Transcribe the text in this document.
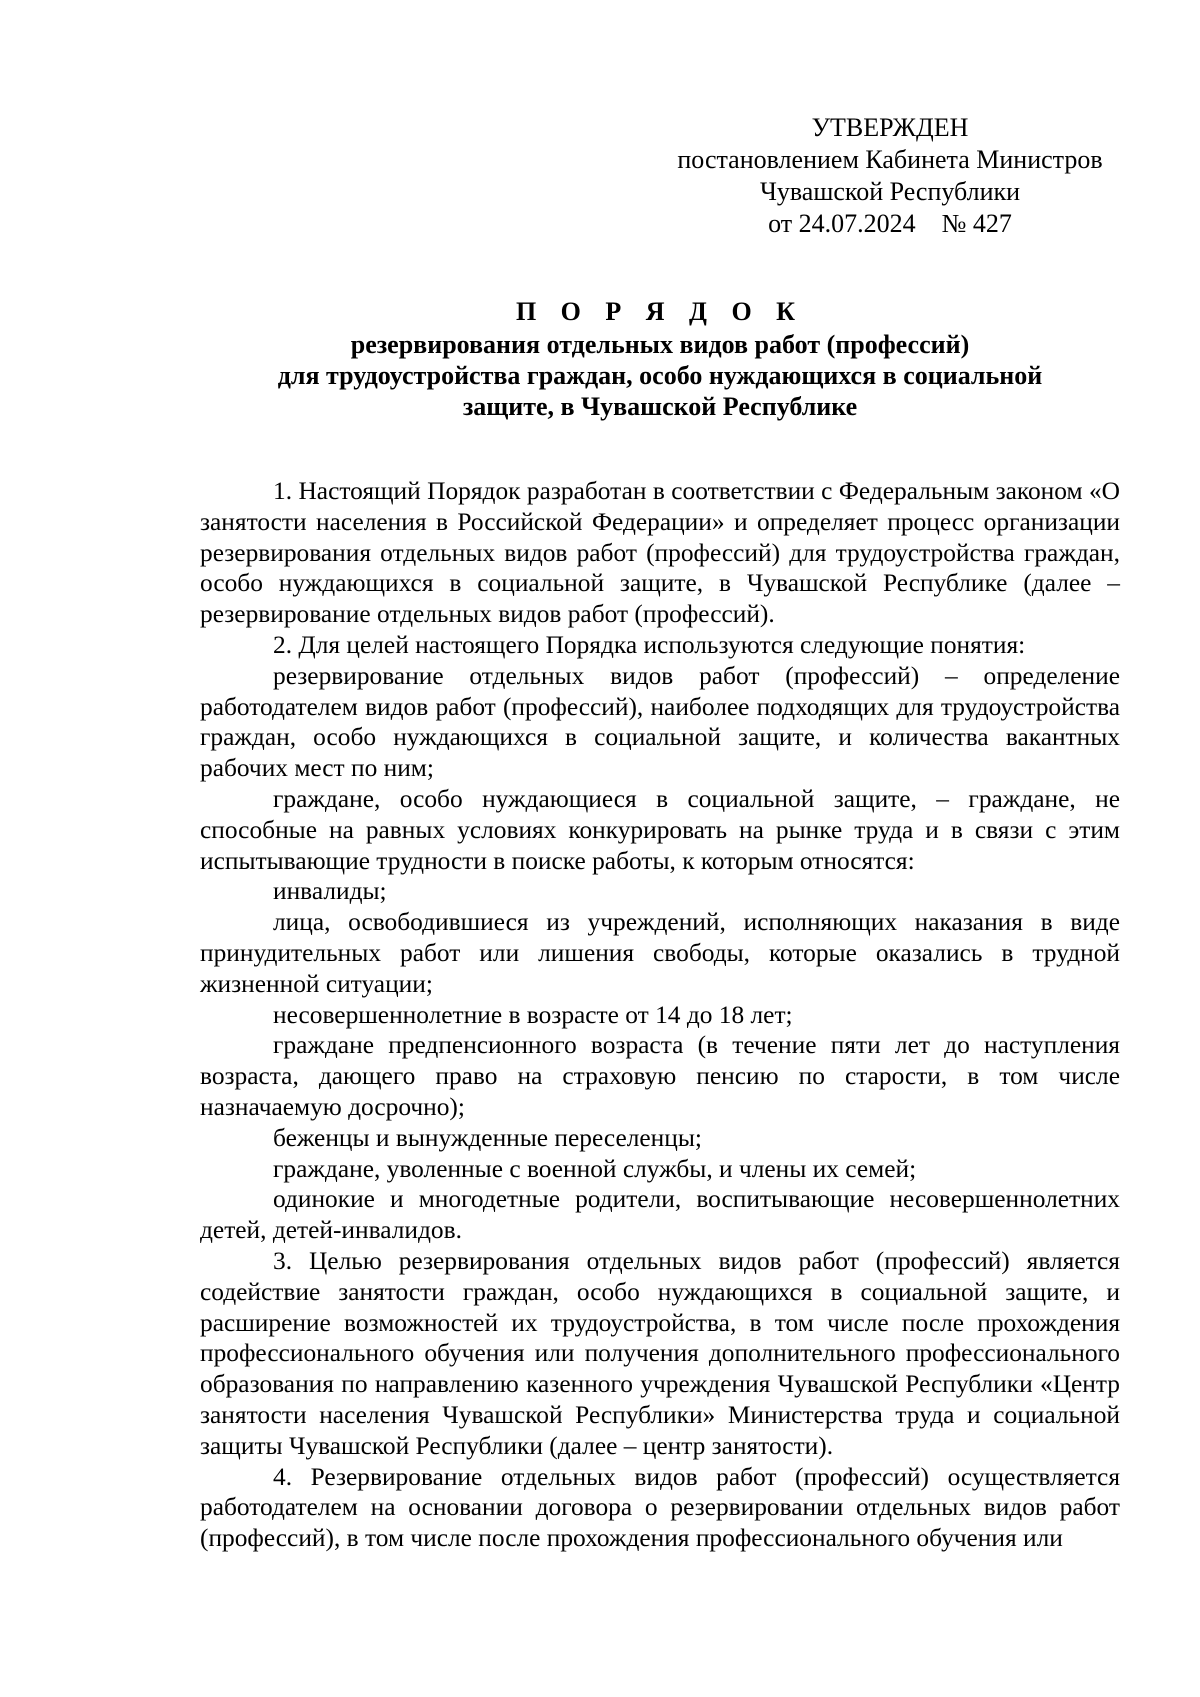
УТВЕРЖДЕН
постановлением Кабинета Министров
Чувашской Республики
от 24.07.2024    № 427
П О Р Я Д О К
резервирования отдельных видов работ (профессий)
для трудоустройства граждан, особо нуждающихся в социальной
защите, в Чувашской Республике

1. Настоящий Порядок разработан в соответствии с Федеральным законом «О занятости населения в Российской Федерации» и определяет процесс организации резервирования отдельных видов работ (профессий) для трудоустройства граждан, особо нуждающихся в социальной защите, в Чувашской Республике (далее – резервирование отдельных видов работ (профессий).

2. Для целей настоящего Порядка используются следующие понятия:

резервирование отдельных видов работ (профессий) – определение работодателем видов работ (профессий), наиболее подходящих для трудоустройства граждан, особо нуждающихся в социальной защите, и количества вакантных рабочих мест по ним;

граждане, особо нуждающиеся в социальной защите, – граждане, не способные на равных условиях конкурировать на рынке труда и в связи с этим испытывающие трудности в поиске работы, к которым относятся:

инвалиды;

лица, освободившиеся из учреждений, исполняющих наказания в виде принудительных работ или лишения свободы, которые оказались в трудной жизненной ситуации;

несовершеннолетние в возрасте от 14 до 18 лет;

граждане предпенсионного возраста (в течение пяти лет до наступления возраста, дающего право на страховую пенсию по старости, в том числе назначаемую досрочно);

беженцы и вынужденные переселенцы;

граждане, уволенные с военной службы, и члены их семей;

одинокие и многодетные родители, воспитывающие несовершеннолетних детей, детей-инвалидов.

3. Целью резервирования отдельных видов работ (профессий) является содействие занятости граждан, особо нуждающихся в социальной защите, и расширение возможностей их трудоустройства, в том числе после прохождения профессионального обучения или получения дополнительного профессионального образования по направлению казенного учреждения Чувашской Республики «Центр занятости населения Чувашской Республики» Министерства труда и социальной защиты Чувашской Республики (далее – центр занятости).

4. Резервирование отдельных видов работ (профессий) осуществляется работодателем на основании договора о резервировании отдельных видов работ (профессий), в том числе после прохождения профессионального обучения или
